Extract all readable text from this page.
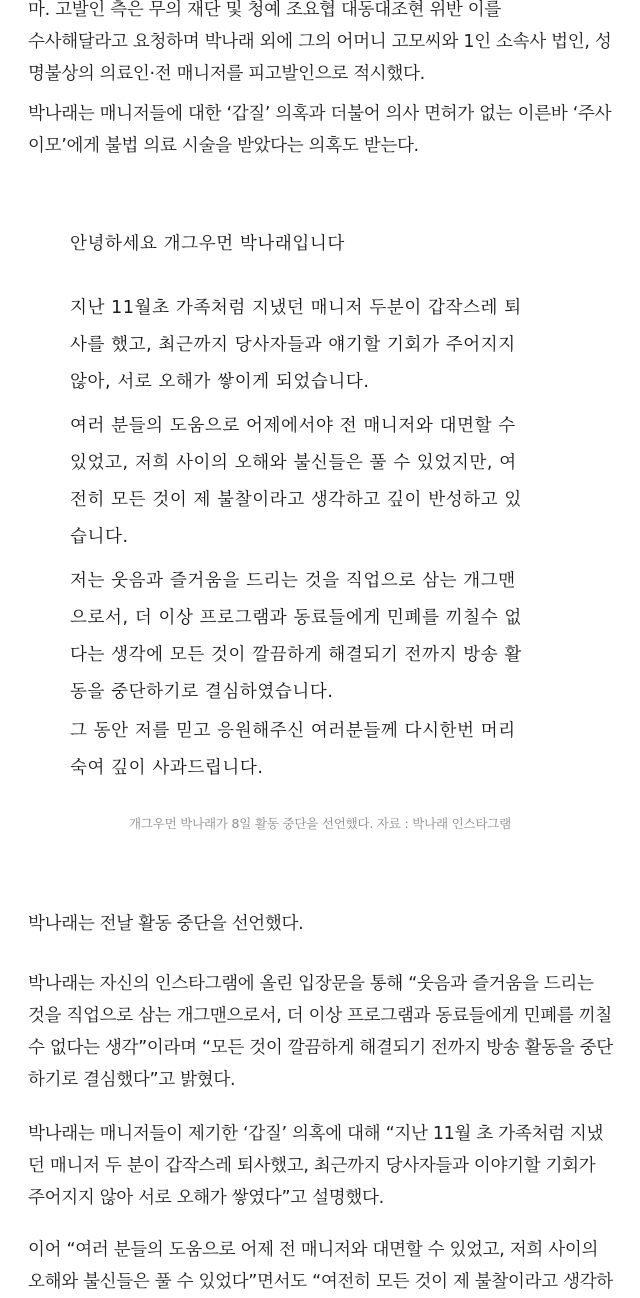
마. 고발인 측은 무의 재단 및 청예 조요협 대동대조현 위반 이를
수사해달라고 요청하며 박나래 외에 그의 어머니 고모씨와 1인 소속사 법인, 성
명불상의 의료인·전 매니저를 피고발인으로 적시했다.

박나래는 매니저들에 대한 ‘갑질’ 의혹과 더불어 의사 면허가 없는 이른바 ‘주사
이모’에게 불법 의료 시술을 받았다는 의혹도 받는다.

안녕하세요 개그우먼 박나래입니다

지난 11월초 가족처럼 지냈던 매니저 두분이 갑작스레 퇴
사를 했고, 최근까지 당사자들과 얘기할 기회가 주어지지
않아, 서로 오해가 쌓이게 되었습니다.

여러 분들의 도움으로 어제에서야 전 매니저와 대면할 수
있었고, 저희 사이의 오해와 불신들은 풀 수 있었지만, 여
전히 모든 것이 제 불찰이라고 생각하고 깊이 반성하고 있
습니다.

저는 웃음과 즐거움을 드리는 것을 직업으로 삼는 개그맨
으로서, 더 이상 프로그램과 동료들에게 민폐를 끼칠수 없
다는 생각에 모든 것이 깔끔하게 해결되기 전까지 방송 활
동을 중단하기로 결심하였습니다.

그 동안 저를 믿고 응원해주신 여러분들께 다시한번 머리
숙여 깊이 사과드립니다.

개그우먼 박나래가 8일 활동 중단을 선언했다. 자료 : 박나래 인스타그램

박나래는 전날 활동 중단을 선언했다.

박나래는 자신의 인스타그램에 올린 입장문을 통해 “웃음과 즐거움을 드리는
것을 직업으로 삼는 개그맨으로서, 더 이상 프로그램과 동료들에게 민폐를 끼칠
수 없다는 생각”이라며 “모든 것이 깔끔하게 해결되기 전까지 방송 활동을 중단
하기로 결심했다”고 밝혔다.

박나래는 매니저들이 제기한 ‘갑질’ 의혹에 대해 “지난 11월 초 가족처럼 지냈
던 매니저 두 분이 갑작스레 퇴사했고, 최근까지 당사자들과 이야기할 기회가
주어지지 않아 서로 오해가 쌓였다”고 설명했다.

이어 “여러 분들의 도움으로 어제 전 매니저와 대면할 수 있었고, 저희 사이의
오해와 불신들은 풀 수 있었다”면서도 “여전히 모든 것이 제 불찰이라고 생각하
